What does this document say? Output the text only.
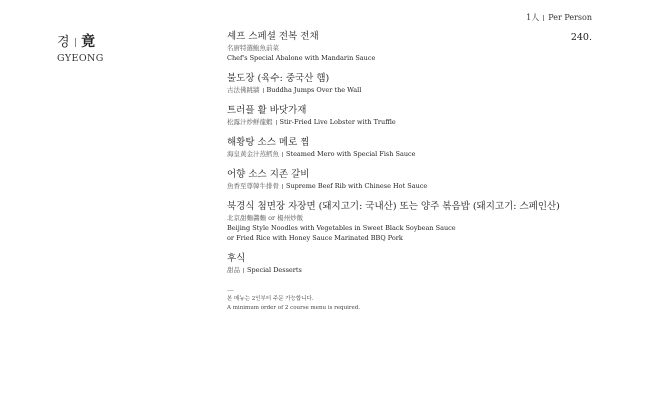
1人 Per Person
240.
경 竟
GYEONG
셰프 스페셜 전복 전채
名廚特選鮑魚前菜
Chef's Special Abalone with Mandarin Sauce
불도장 (육수: 중국산 햄)
古法佛跳牆 Buddha Jumps Over the Wall
트러플 활 바닷가재
松露汁炒鮮龍蝦 Stir-Fried Live Lobster with Truffle
해황탕 소스 메로 찜
海皇黃金汁蒸鱈魚 Steamed Mero with Special Fish Sauce
어향 소스 지존 갈비
魚香至尊韓牛排骨 Supreme Beef Rib with Chinese Hot Sauce
북경식 첨면장 자장면 (돼지고기: 국내산) 또는 양주 볶음밥 (돼지고기: 스페인산)
北京甜麵醬麵 or 楊州炒飯
Beijing Style Noodles with Vegetables in Sweet Black Soybean Sauce
or Fried Rice with Honey Sauce Marinated BBQ Pork
후식
甜品 Special Desserts
—
본 메뉴는 2인부터 주문 가능합니다.
A minimum order of 2 course menu is required.
